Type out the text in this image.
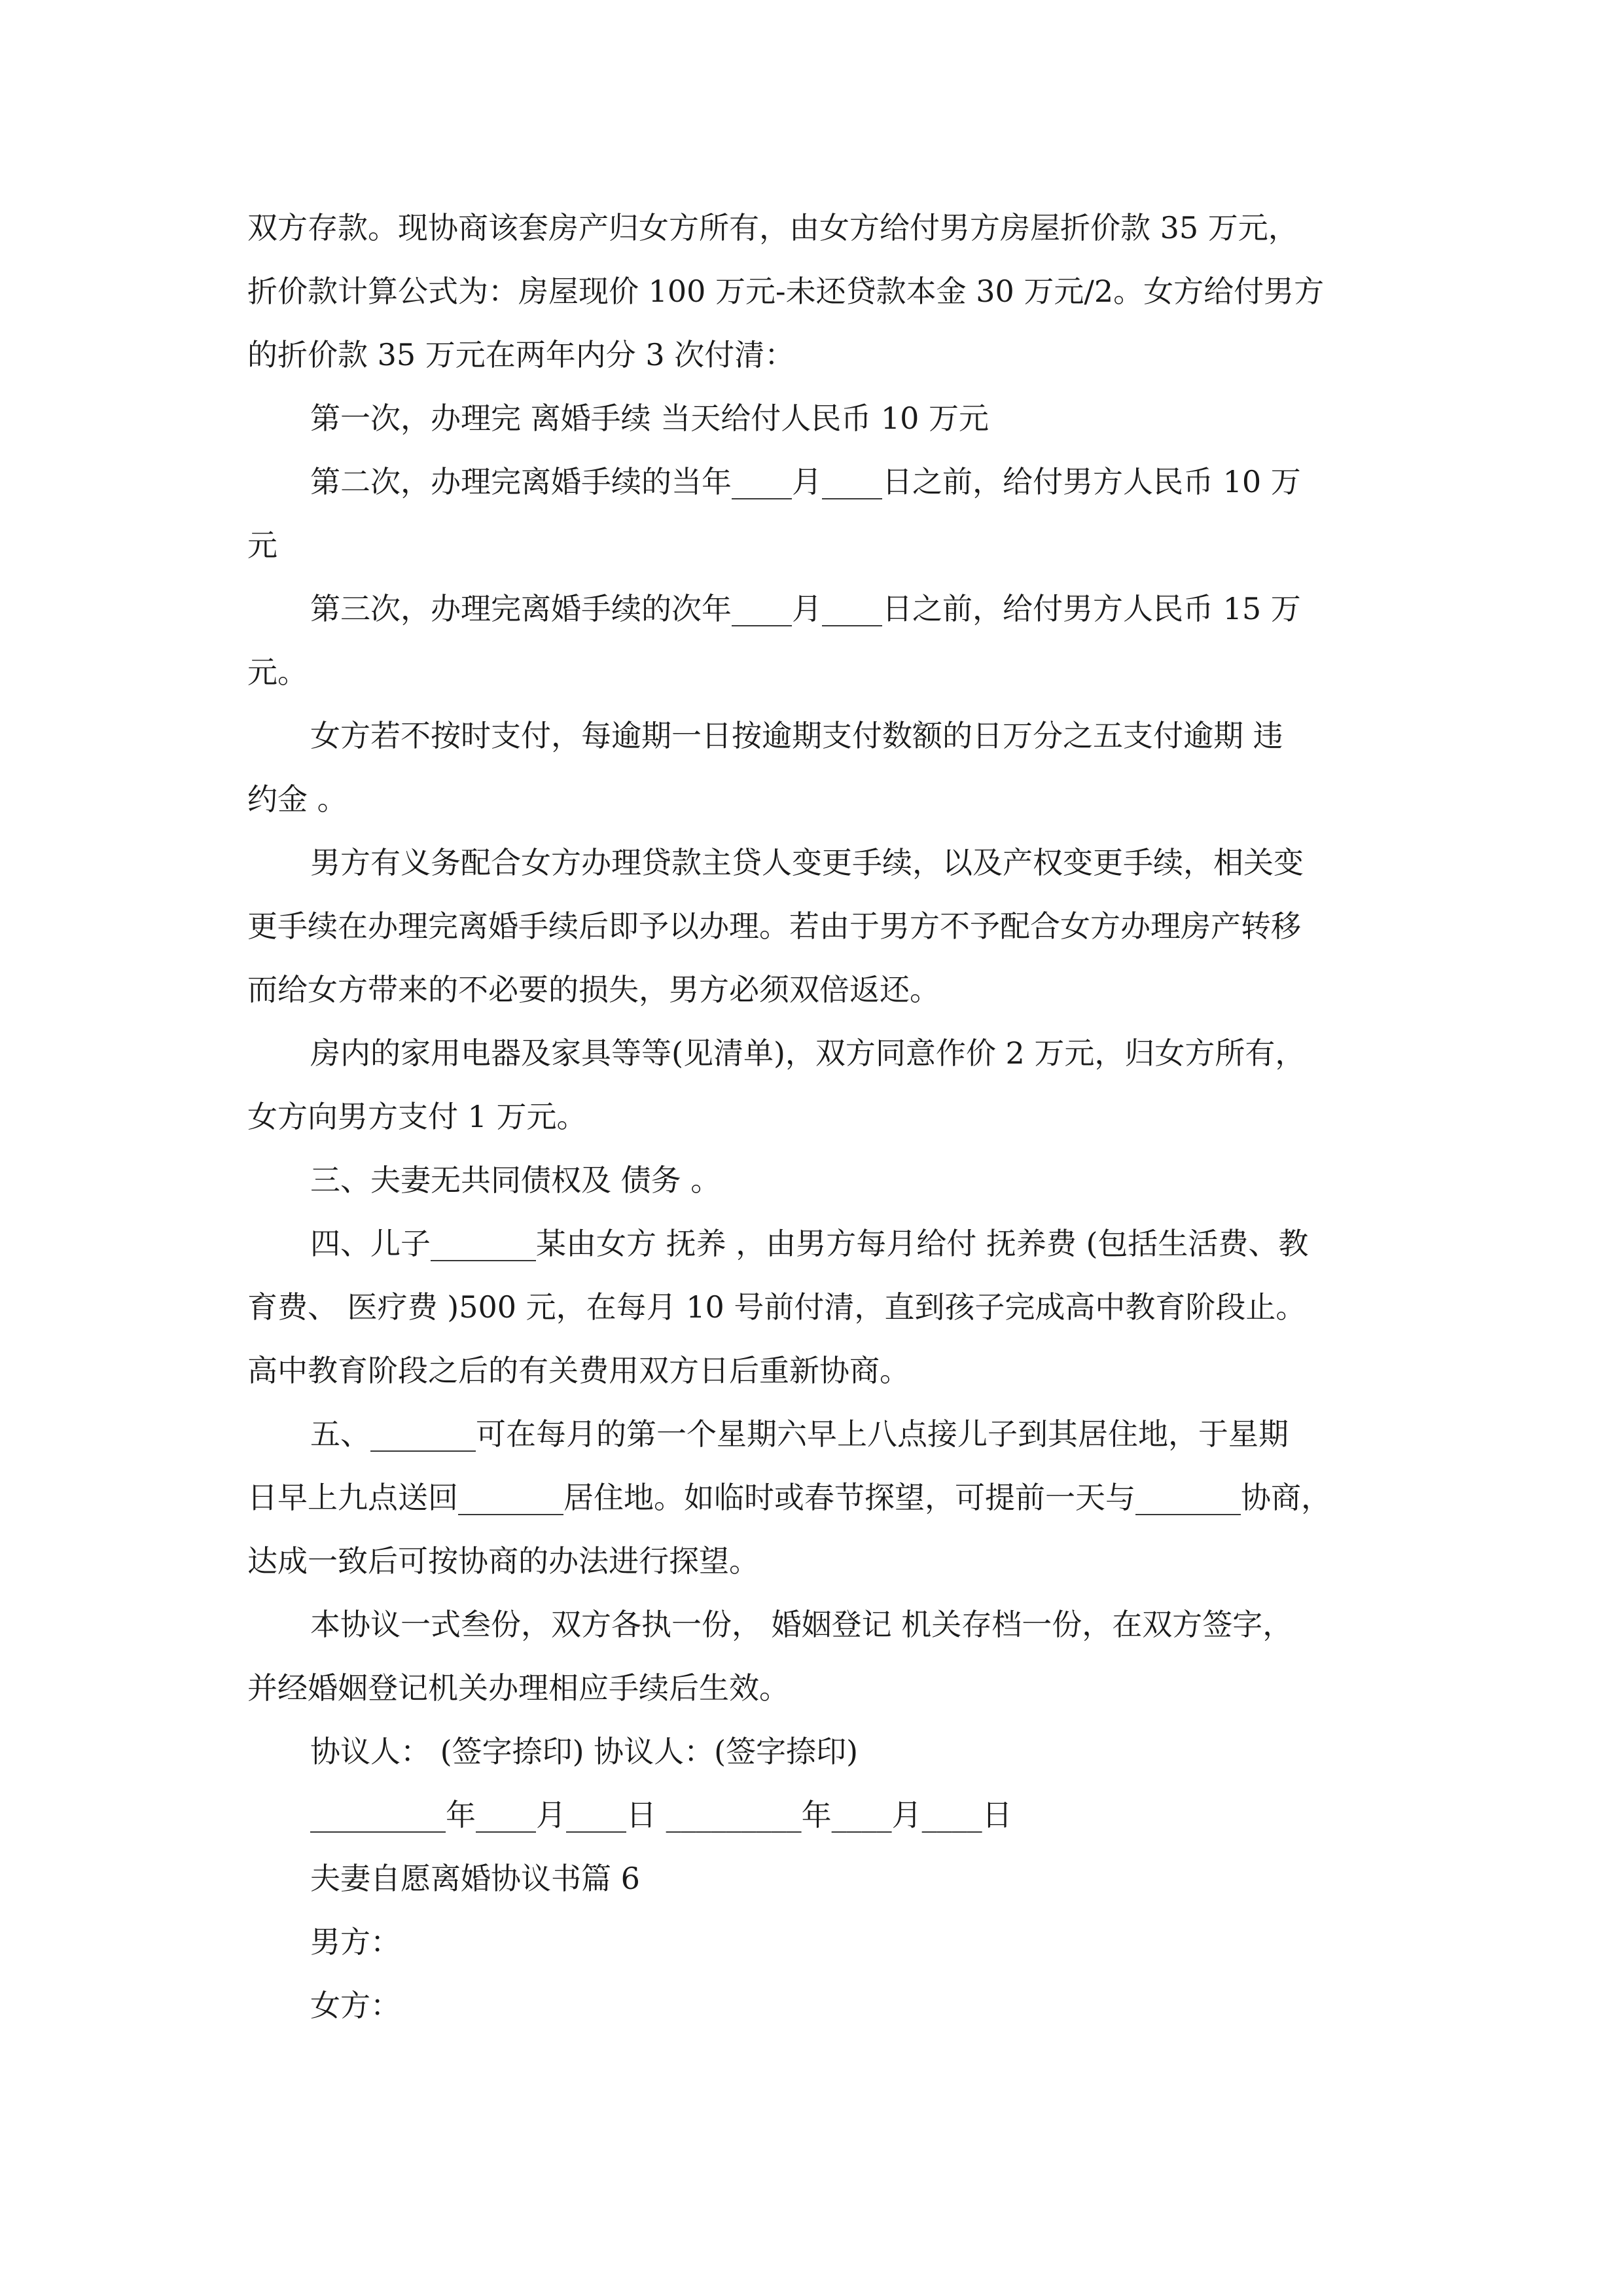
双方存款。现协商该套房产归女方所有，由女方给付男方房屋折价款 35 万元，
折价款计算公式为：房屋现价 100 万元-未还贷款本金 30 万元/2。女方给付男方
的折价款 35 万元在两年内分 3 次付清：
第一次，办理完 离婚手续 当天给付人民币 10 万元
第二次，办理完离婚手续的当年____月____日之前，给付男方人民币 10 万
元
第三次，办理完离婚手续的次年____月____日之前，给付男方人民币 15 万
元。
女方若不按时支付，每逾期一日按逾期支付数额的日万分之五支付逾期 违
约金 。
男方有义务配合女方办理贷款主贷人变更手续，以及产权变更手续，相关变
更手续在办理完离婚手续后即予以办理。若由于男方不予配合女方办理房产转移
而给女方带来的不必要的损失，男方必须双倍返还。
房内的家用电器及家具等等(见清单)，双方同意作价 2 万元，归女方所有，
女方向男方支付 1 万元。
三、夫妻无共同债权及 债务 。
四、儿子_______某由女方 抚养 ，由男方每月给付 抚养费 (包括生活费、教
育费、 医疗费 )500 元，在每月 10 号前付清，直到孩子完成高中教育阶段止。
高中教育阶段之后的有关费用双方日后重新协商。
五、_______可在每月的第一个星期六早上八点接儿子到其居住地，于星期
日早上九点送回_______居住地。如临时或春节探望，可提前一天与_______协商，
达成一致后可按协商的办法进行探望。
本协议一式叁份，双方各执一份， 婚姻登记 机关存档一份，在双方签字，
并经婚姻登记机关办理相应手续后生效。
协议人： (签字捺印) 协议人：(签字捺印)
_________年____月____日 _________年____月____日
夫妻自愿离婚协议书篇 6
男方：
女方：
